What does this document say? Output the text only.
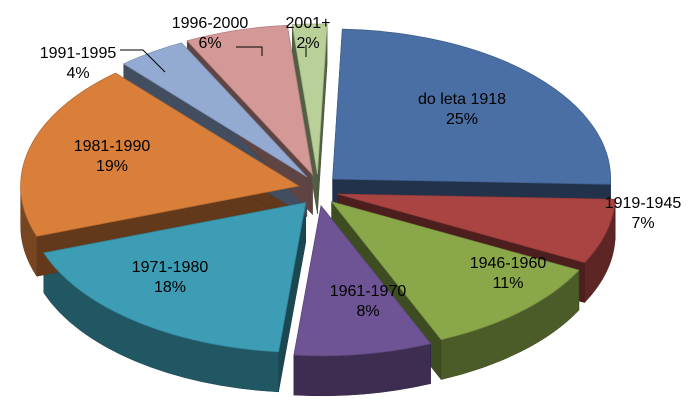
do leta 1918
25%
1919-1945
7%
1946-1960
11%
1961-1970
8%
1971-1980
18%
1981-1990
19%
1991-1995
4%
1996-2000
6%
2001+
2%
